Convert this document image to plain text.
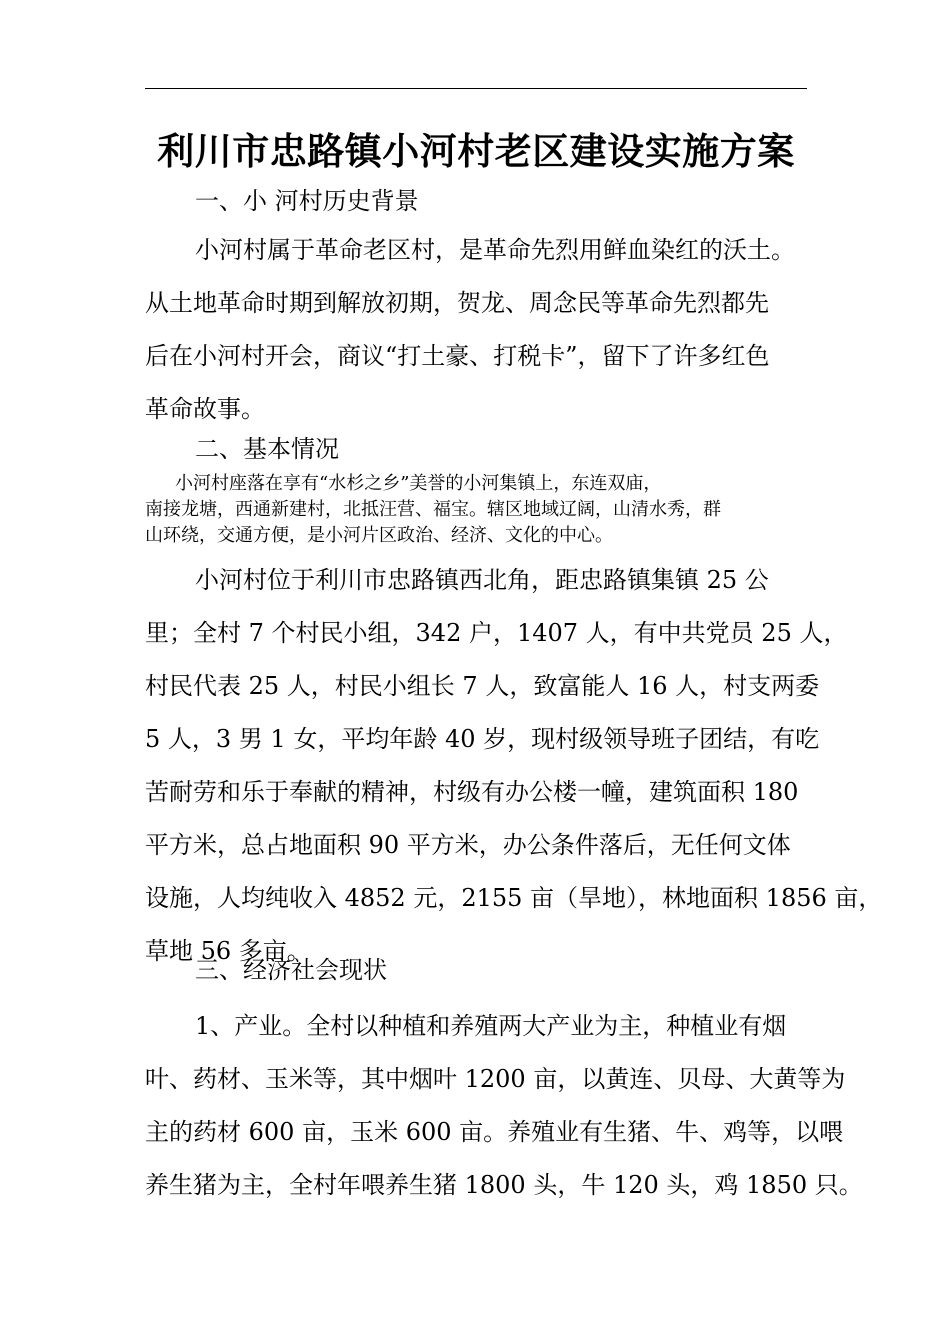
利川市忠路镇小河村老区建设实施方案
一、小 河村历史背景
小河村属于革命老区村，是革命先烈用鲜血染红的沃土。
从土地革命时期到解放初期，贺龙、周念民等革命先烈都先
后在小河村开会，商议“打土豪、打税卡”，留下了许多红色
革命故事。
二、基本情况
小河村座落在享有“水杉之乡”美誉的小河集镇上，东连双庙，
南接龙塘，西通新建村，北抵汪营、福宝。辖区地域辽阔，山清水秀，群
山环绕，交通方便，是小河片区政治、经济、文化的中心。
小河村位于利川市忠路镇西北角，距忠路镇集镇 25 公
里；全村 7 个村民小组，342 户，1407 人，有中共党员 25 人，
村民代表 25 人，村民小组长 7 人，致富能人 16 人，村支两委
5 人，3 男 1 女，平均年龄 40 岁，现村级领导班子团结，有吃
苦耐劳和乐于奉献的精神，村级有办公楼一幢，建筑面积 180
平方米，总占地面积 90 平方米，办公条件落后，无任何文体
设施，人均纯收入 4852 元，2155 亩（旱地），林地面积 1856 亩，
草地 56 多亩。
三、经济社会现状
1、产业。全村以种植和养殖两大产业为主，种植业有烟
叶、药材、玉米等，其中烟叶 1200 亩，以黄连、贝母、大黄等为
主的药材 600 亩，玉米 600 亩。养殖业有生猪、牛、鸡等，以喂
养生猪为主，全村年喂养生猪 1800 头，牛 120 头，鸡 1850 只。
